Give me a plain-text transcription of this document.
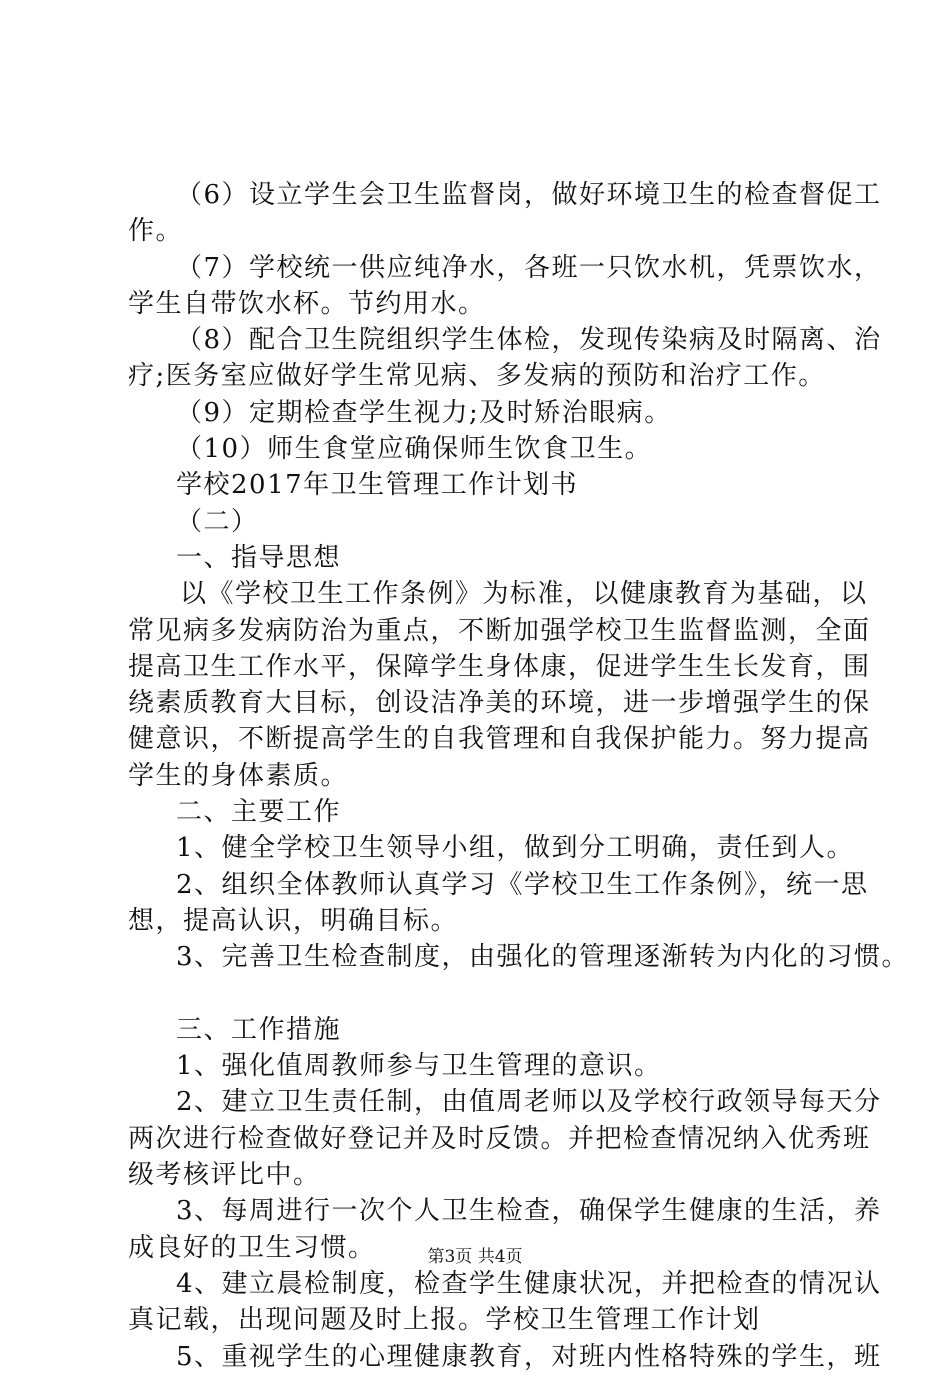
（6）设立学生会卫生监督岗，做好环境卫生的检查督促工
作。
（7）学校统一供应纯净水，各班一只饮水机，凭票饮水，
学生自带饮水杯。节约用水。
（8）配合卫生院组织学生体检，发现传染病及时隔离、治
疗;医务室应做好学生常见病、多发病的预防和治疗工作。
（9）定期检查学生视力;及时矫治眼病。
（10）师生食堂应确保师生饮食卫生。
学校2017年卫生管理工作计划书
（二）
一、指导思想
以《学校卫生工作条例》为标准，以健康教育为基础，以
常见病多发病防治为重点，不断加强学校卫生监督监测，全面
提高卫生工作水平，保障学生身体康，促进学生生长发育，围
绕素质教育大目标，创设洁净美的环境，进一步增强学生的保
健意识，不断提高学生的自我管理和自我保护能力。努力提高
学生的身体素质。
二、主要工作
1、健全学校卫生领导小组，做到分工明确，责任到人。
2、组织全体教师认真学习《学校卫生工作条例》，统一思
想，提高认识，明确目标。
3、完善卫生检查制度，由强化的管理逐渐转为内化的习惯。
三、工作措施
1、强化值周教师参与卫生管理的意识。
2、建立卫生责任制，由值周老师以及学校行政领导每天分
两次进行检查做好登记并及时反馈。并把检查情况纳入优秀班
级考核评比中。
3、每周进行一次个人卫生检查，确保学生健康的生活，养
成良好的卫生习惯。
4、建立晨检制度，检查学生健康状况，并把检查的情况认
真记载，出现问题及时上报。学校卫生管理工作计划
5、重视学生的心理健康教育，对班内性格特殊的学生，班
第3页 共4页
